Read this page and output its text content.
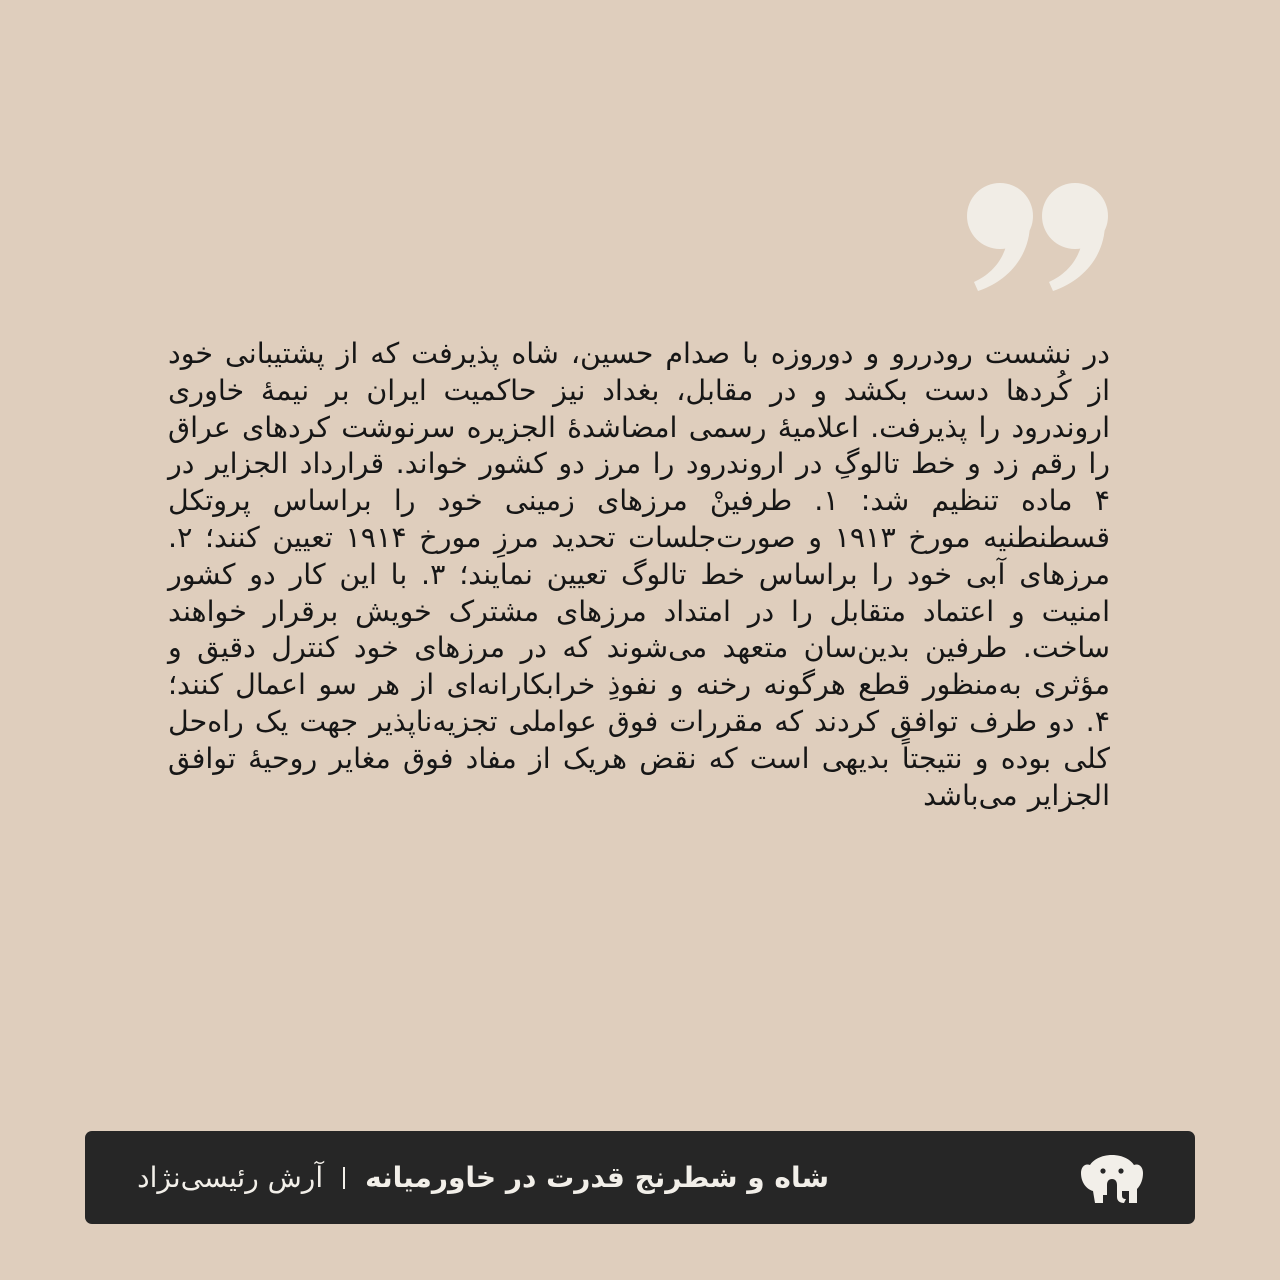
در نشست رودررو و دوروزه با صدام حسین، شاه پذیرفت که از پشتیبانی خود از کُردها دست بکشد و در مقابل، بغداد نیز حاکمیت ایران بر نیمهٔ خاوری اروندرود را پذیرفت. اعلامیهٔ رسمی امضاشدهٔ الجزیره سرنوشت کردهای عراق را رقم زد و خط تالوگِ در اروندرود را مرز دو کشور خواند. قرارداد الجزایر در ۴ ماده تنظیم شد: ۱. طرفینْ مرزهای زمینی خود را براساس پروتکل قسطنطنیه مورخ ۱۹۱۳ و صورت‌جلسات تحدید مرزِ مورخ ۱۹۱۴ تعیین کنند؛ ۲. مرزهای آبی خود را براساس خط تالوگ تعیین نمایند؛ ۳. با این کار دو کشور امنیت و اعتماد متقابل را در امتداد مرزهای مشترک خویش برقرار خواهند ساخت. طرفین بدین‌سان متعهد می‌شوند که در مرزهای خود کنترل دقیق و مؤثری به‌منظور قطع هرگونه رخنه و نفوذِ خرابکارانه‌ای از هر سو اعمال کنند؛ ۴. دو طرف توافق کردند که مقررات فوق عواملی تجزیه‌ناپذیر جهت یک راه‌حل کلی بوده و نتیجتاً بدیهی است که نقض هریک از مفاد فوق مغایر روحیهٔ توافق الجزایر می‌باشد
شاه و شطرنج قدرت در خاورمیانه
آرش رئیسی‌نژاد
